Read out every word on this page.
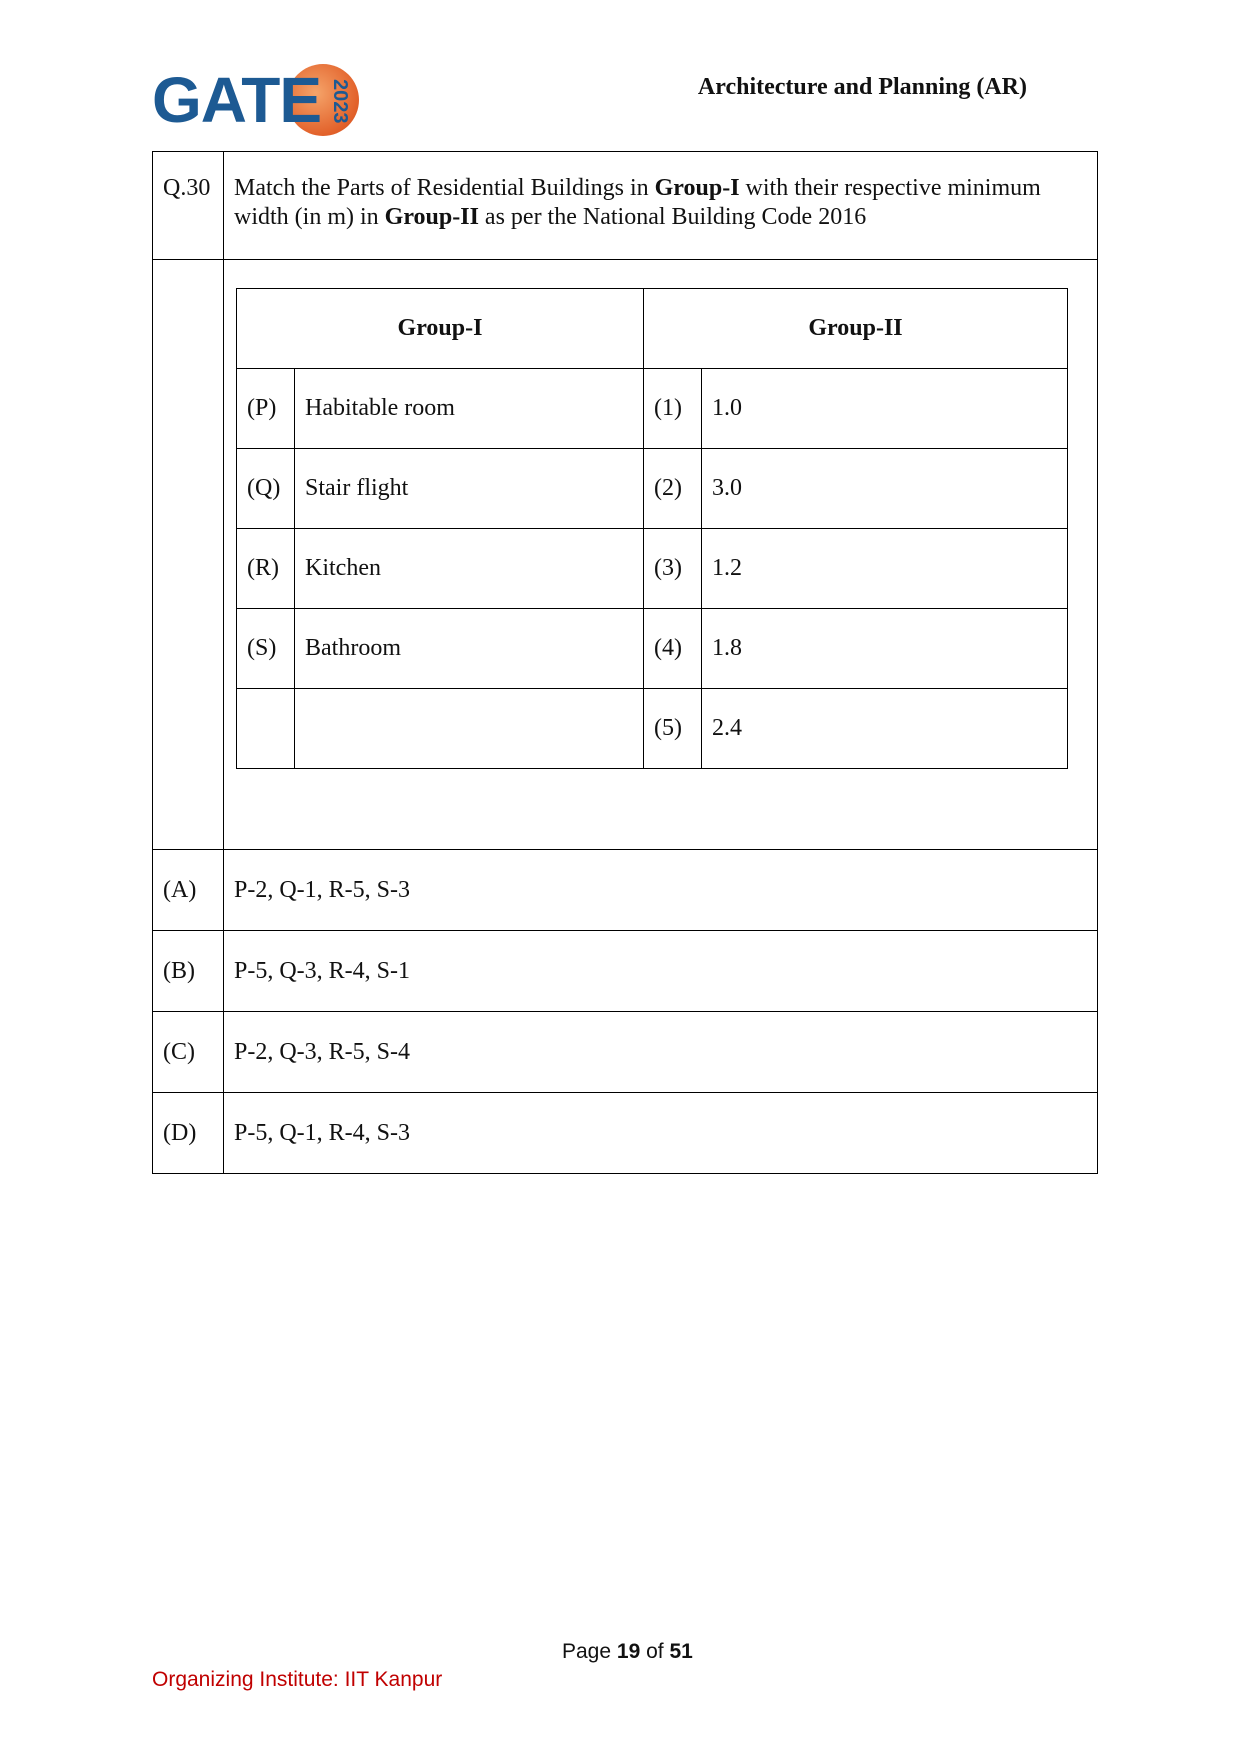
GATE 2023	Architecture and Planning (AR)
Q.30	Match the Parts of Residential Buildings in Group-I with their respective minimum width (in m) in Group-II as per the National Building Code 2016

Group-I	Group-II
(P)	Habitable room	(1)	1.0
(Q)	Stair flight	(2)	3.0
(R)	Kitchen	(3)	1.2
(S)	Bathroom	(4)	1.8
		(5)	2.4

(A)	P-2, Q-1, R-5, S-3
(B)	P-5, Q-3, R-4, S-1
(C)	P-2, Q-3, R-5, S-4
(D)	P-5, Q-1, R-4, S-3
Page 19 of 51
Organizing Institute: IIT Kanpur
